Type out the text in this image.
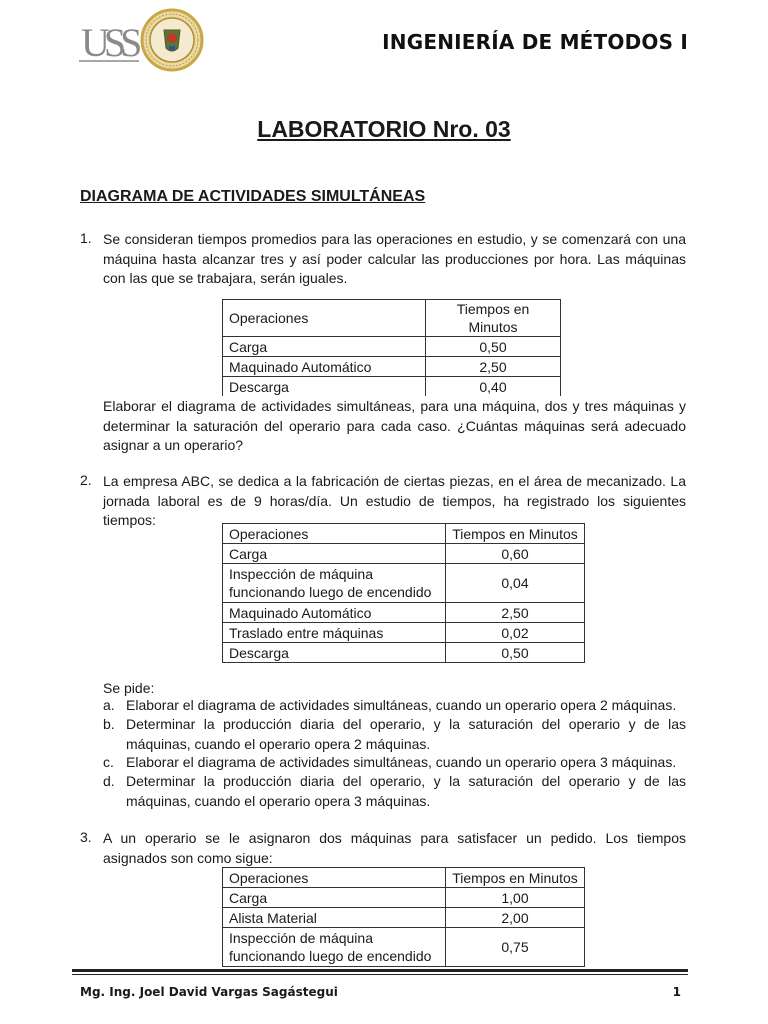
USS	INGENIERÍA DE MÉTODOS I
LABORATORIO Nro. 03
DIAGRAMA DE ACTIVIDADES SIMULTÁNEAS
1. Se consideran tiempos promedios para las operaciones en estudio, y se comenzará con una máquina hasta alcanzar tres y así poder calcular las producciones por hora. Las máquinas con las que se trabajara, serán iguales.
Operaciones	Tiempos en Minutos
Carga	0,50
Maquinado Automático	2,50
Descarga	0,40
Elaborar el diagrama de actividades simultáneas, para una máquina, dos y tres máquinas y determinar la saturación del operario para cada caso. ¿Cuántas máquinas será adecuado asignar a un operario?
2. La empresa ABC, se dedica a la fabricación de ciertas piezas, en el área de mecanizado. La jornada laboral es de 9 horas/día. Un estudio de tiempos, ha registrado los siguientes tiempos:
Operaciones	Tiempos en Minutos
Carga	0,60

Inspección de máquina
funcionando luego de encendido	0,04
Maquinado Automático	2,50
Traslado entre máquinas	0,02
Descarga	0,50
Se pide:
a. Elaborar el diagrama de actividades simultáneas, cuando un operario opera 2 máquinas.
b. Determinar la producción diaria del operario, y la saturación del operario y de las máquinas, cuando el operario opera 2 máquinas.
c. Elaborar el diagrama de actividades simultáneas, cuando un operario opera 3 máquinas.
d. Determinar la producción diaria del operario, y la saturación del operario y de las máquinas, cuando el operario opera 3 máquinas.
3. A un operario se le asignaron dos máquinas para satisfacer un pedido. Los tiempos asignados son como sigue:
Operaciones	Tiempos en Minutos
Carga	1,00
Alista Material	2,00

Inspección de máquina
funcionando luego de encendido	0,75
Mg. Ing. Joel David Vargas Sagástegui	1
